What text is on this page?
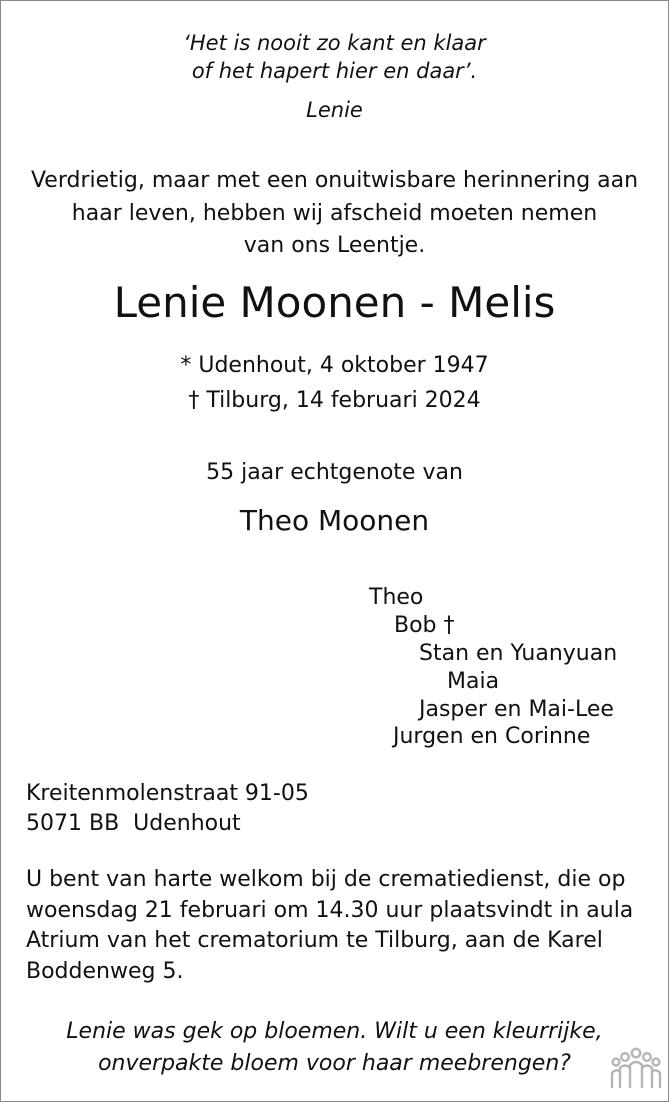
‘Het is nooit zo kant en klaar
of het hapert hier en daar’.
Lenie
Verdrietig, maar met een onuitwisbare herinnering aan
haar leven, hebben wij afscheid moeten nemen
van ons Leentje.
Lenie Moonen - Melis
* Udenhout, 4 oktober 1947
† Tilburg, 14 februari 2024
55 jaar echtgenote van
Theo Moonen
Theo
Bob †
Stan en Yuanyuan
Maia
Jasper en Mai-Lee
Jurgen en Corinne
Kreitenmolenstraat 91-05
5071 BB  Udenhout
U bent van harte welkom bij de crematiedienst, die op woensdag 21 februari om 14.30 uur plaatsvindt in aula Atrium van het crematorium te Tilburg, aan de Karel Boddenweg 5.
Lenie was gek op bloemen. Wilt u een kleurrijke,
onverpakte bloem voor haar meebrengen?
